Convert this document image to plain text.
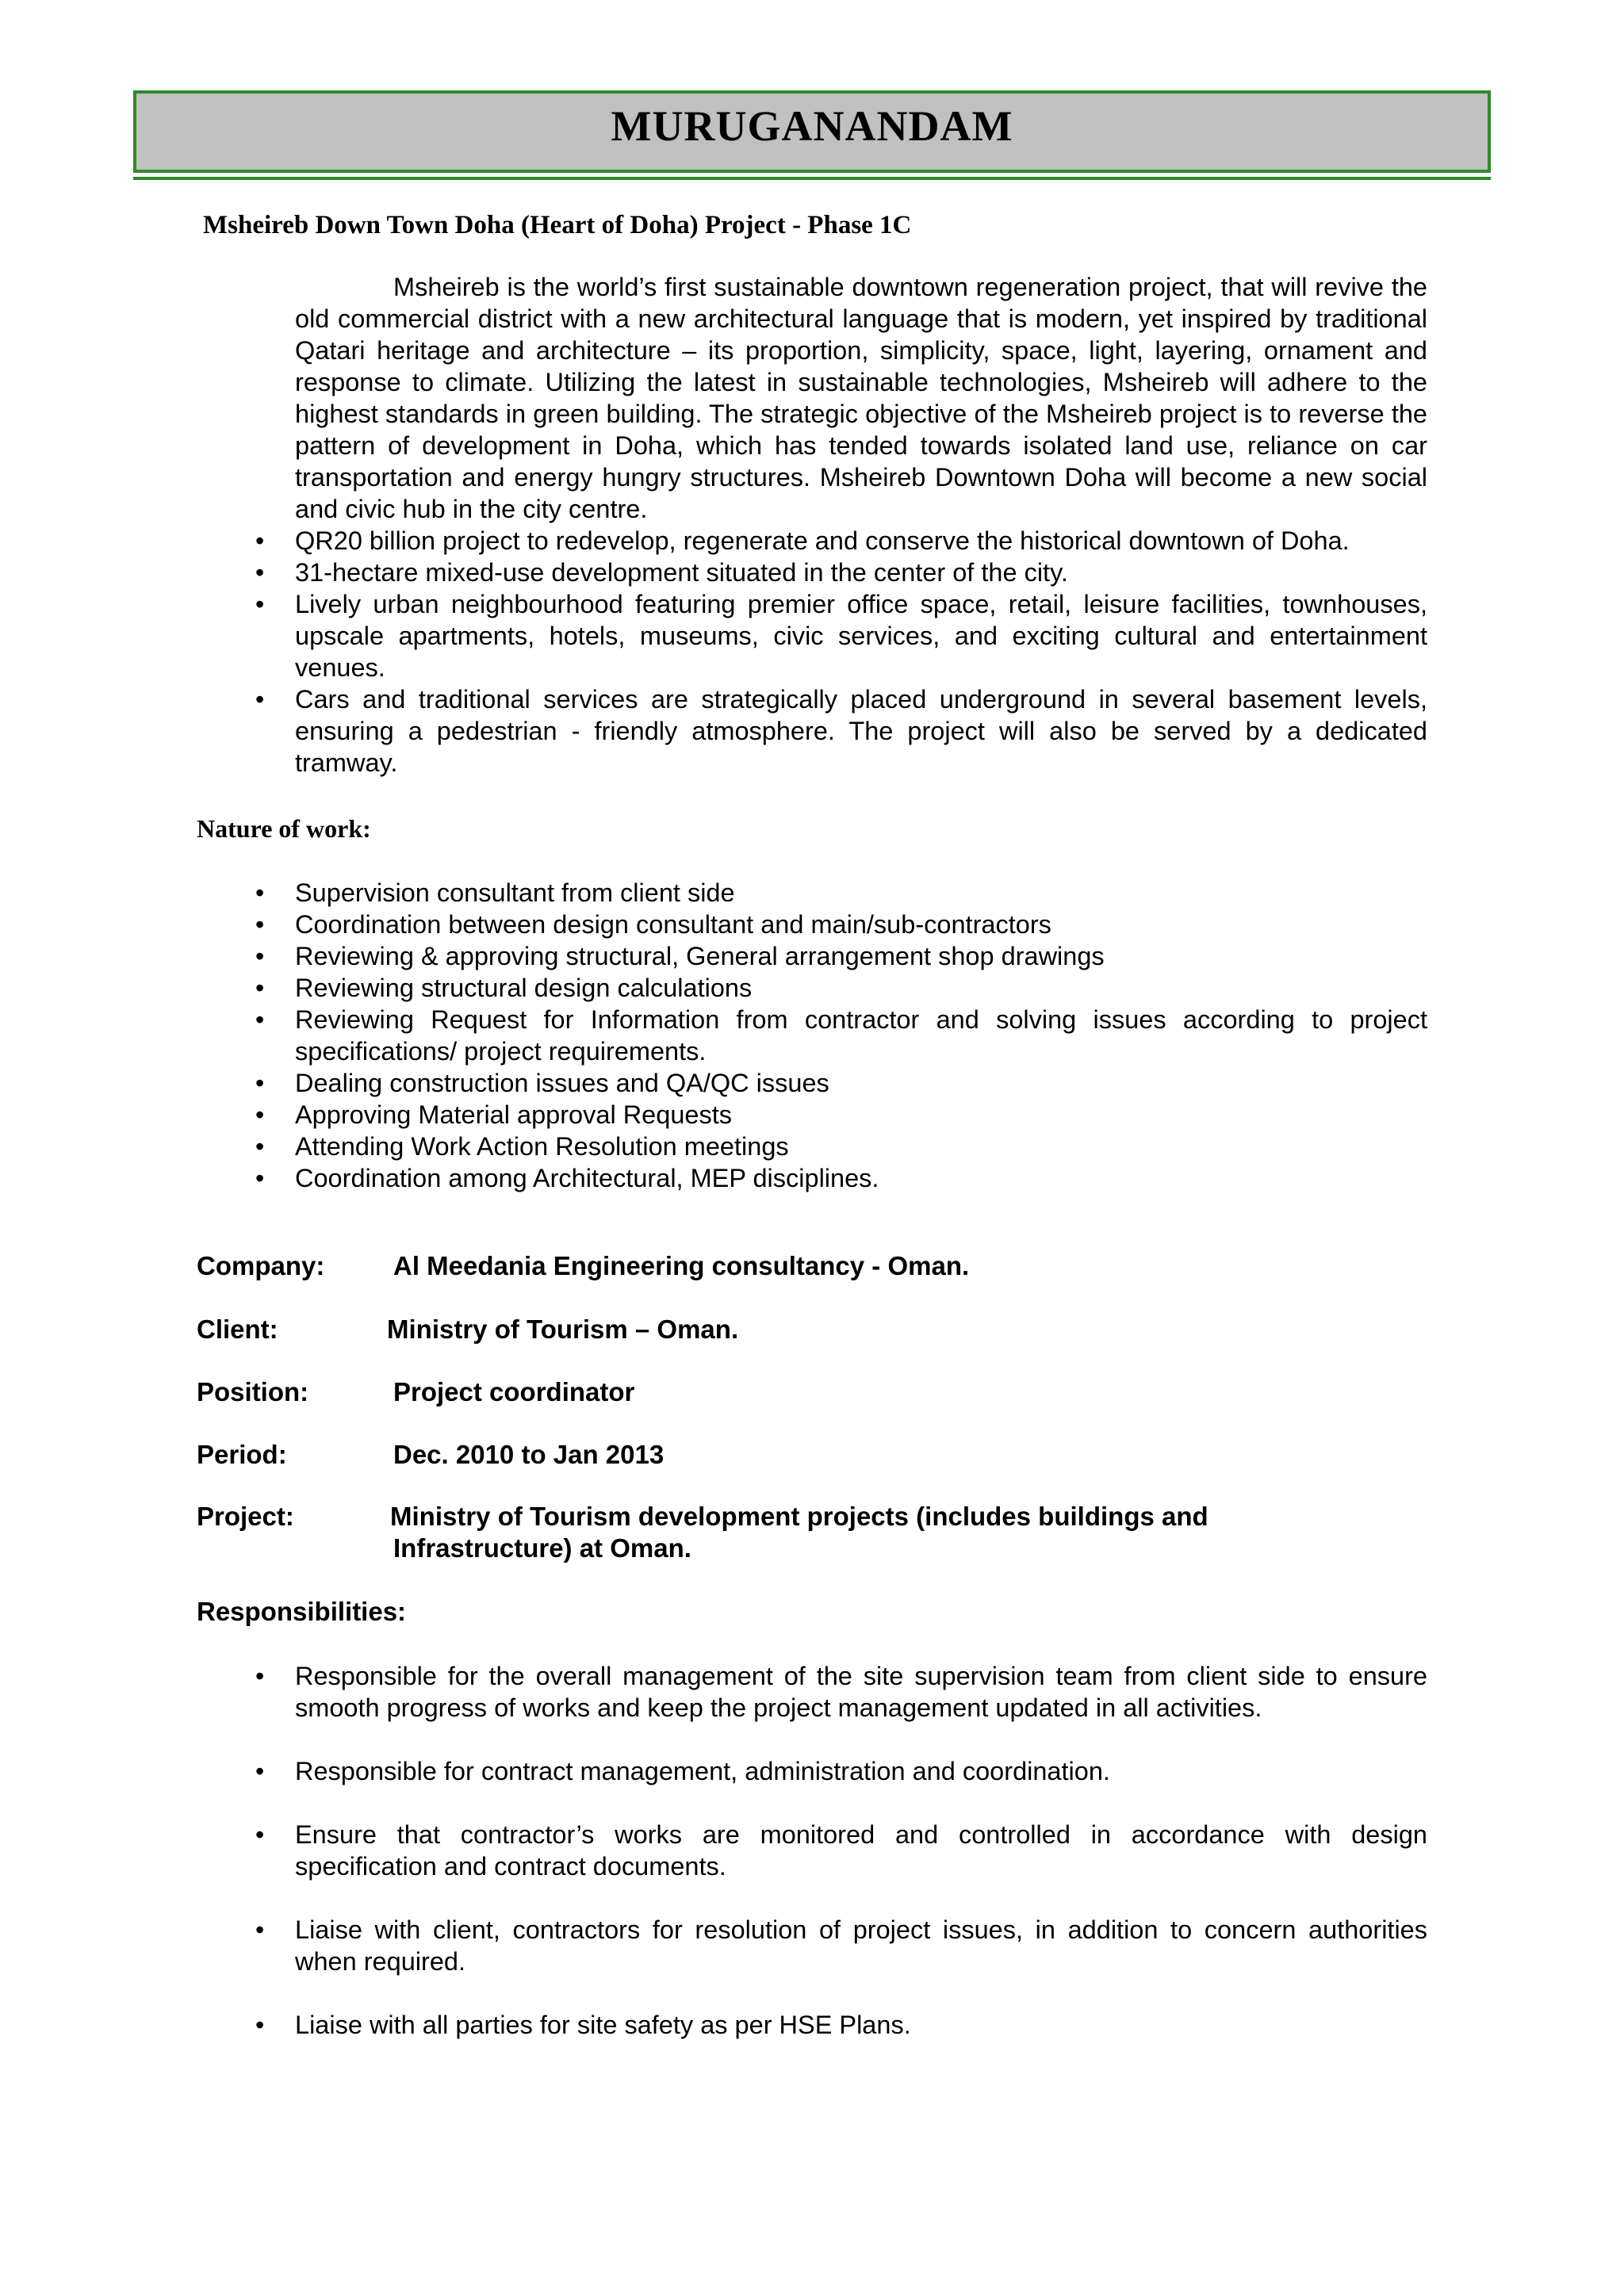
MURUGANANDAM
Msheireb Down Town Doha (Heart of Doha) Project - Phase 1C

Msheireb is the world’s first sustainable downtown regeneration project, that will revive the old commercial district with a new architectural language that is modern, yet inspired by traditional Qatari heritage and architecture – its proportion, simplicity, space, light, layering, ornament and response to climate. Utilizing the latest in sustainable technologies, Msheireb will adhere to the highest standards in green building. The strategic objective of the Msheireb project is to reverse the pattern of development in Doha, which has tended towards isolated land use, reliance on car transportation and energy hungry structures. Msheireb Downtown Doha will become a new social and civic hub in the city centre.

• QR20 billion project to redevelop, regenerate and conserve the historical downtown of Doha.
• 31-hectare mixed-use development situated in the center of the city.
• Lively urban neighbourhood featuring premier office space, retail, leisure facilities, townhouses, upscale apartments, hotels, museums, civic services, and exciting cultural and entertainment venues.
• Cars and traditional services are strategically placed underground in several basement levels, ensuring a pedestrian - friendly atmosphere. The project will also be served by a dedicated tramway.
Nature of work:
• Supervision consultant from client side
• Coordination between design consultant and main/sub-contractors
• Reviewing & approving structural, General arrangement shop drawings
• Reviewing structural design calculations
• Reviewing Request for Information from contractor and solving issues according to project specifications/ project requirements.
• Dealing construction issues and QA/QC issues
• Approving Material approval Requests
• Attending Work Action Resolution meetings
• Coordination among Architectural, MEP disciplines.
Company:	Al Meedania Engineering consultancy - Oman.
Client:	Ministry of Tourism – Oman.
Position:	Project coordinator
Period:	Dec. 2010 to Jan 2013
Project:	Ministry of Tourism development projects (includes buildings and
Infrastructure) at Oman.
Responsibilities:
• Responsible for the overall management of the site supervision team from client side to ensure smooth progress of works and keep the project management updated in all activities.
• Responsible for contract management, administration and coordination.
• Ensure that contractor’s works are monitored and controlled in accordance with design specification and contract documents.
• Liaise with client, contractors for resolution of project issues, in addition to concern authorities when required.
• Liaise with all parties for site safety as per HSE Plans.
